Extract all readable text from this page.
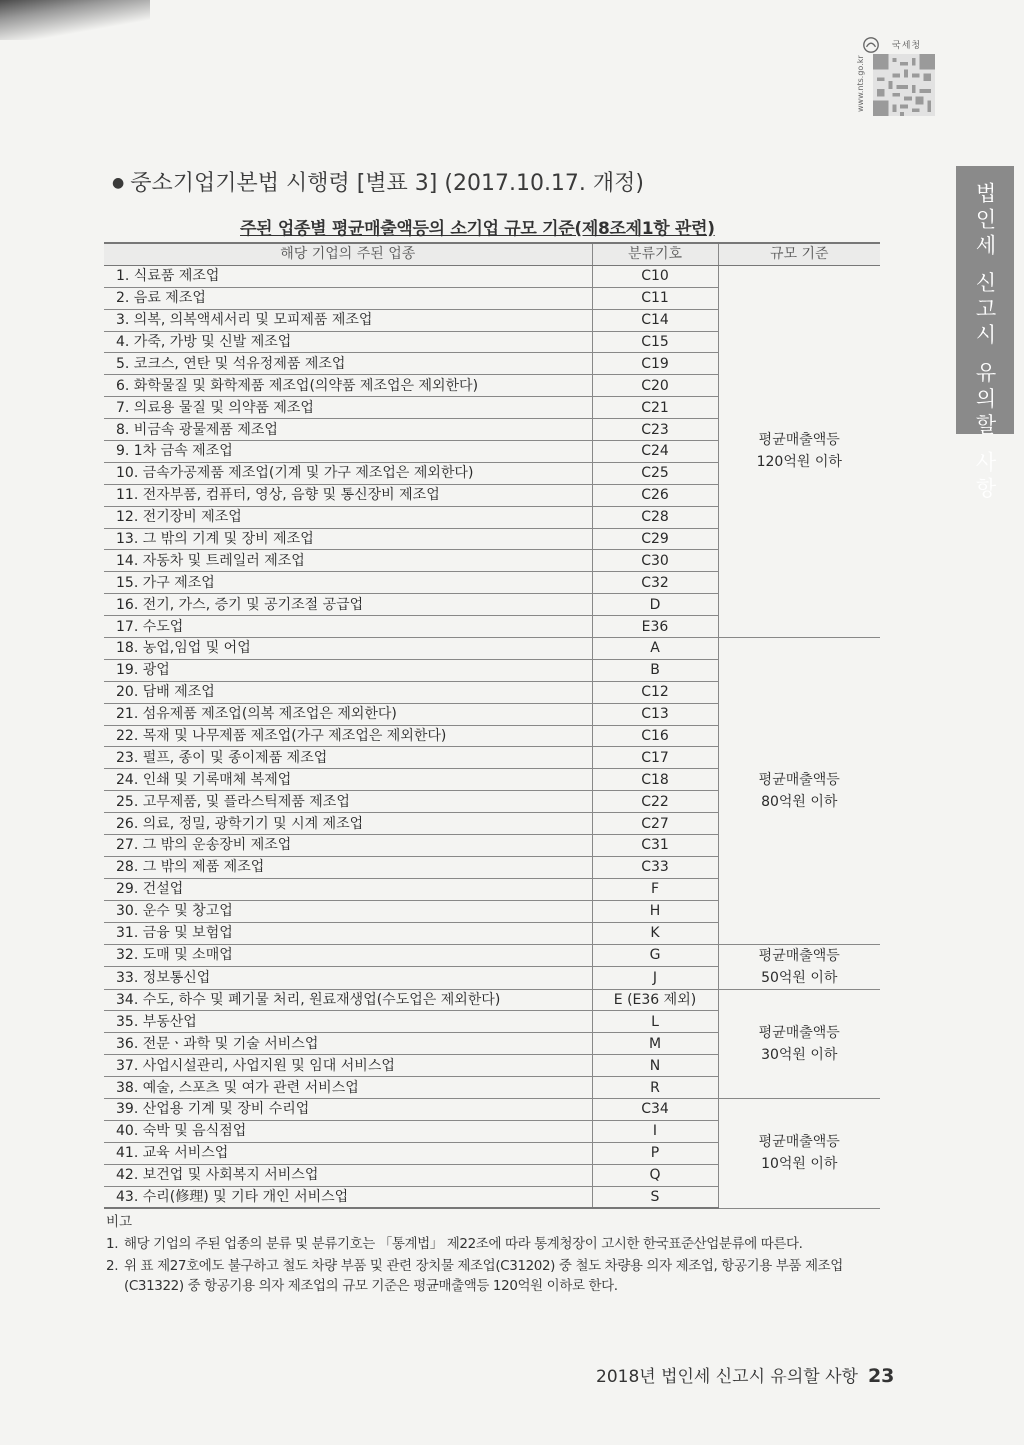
국세청
www.nts.go.kr
법인세 신고시 유의할 사항
● 중소기업기본법 시행령 [별표 3] (2017.10.17. 개정)
주된 업종별 평균매출액등의 소기업 규모 기준(제8조제1항 관련)
해당 기업의 주된 업종	분류기호	규모 기준
1. 식료품 제조업	C10	평균매출액등
120억원 이하

2. 음료 제조업	C11	
3. 의복, 의복액세서리 및 모피제품 제조업	C14	
4. 가죽, 가방 및 신발 제조업	C15	
5. 코크스, 연탄 및 석유정제품 제조업	C19	
6. 화학물질 및 화학제품 제조업(의약품 제조업은 제외한다)	C20	
7. 의료용 물질 및 의약품 제조업	C21	
8. 비금속 광물제품 제조업	C23	
9. 1차 금속 제조업	C24	
10. 금속가공제품 제조업(기계 및 가구 제조업은 제외한다)	C25	
11. 전자부품, 컴퓨터, 영상, 음향 및 통신장비 제조업	C26	
12. 전기장비 제조업	C28	
13. 그 밖의 기계 및 장비 제조업	C29	
14. 자동차 및 트레일러 제조업	C30	
15. 가구 제조업	C32	
16. 전기, 가스, 증기 및 공기조절 공급업	D	
17. 수도업	E36	
18. 농업,임업 및 어업	A	평균매출액등
80억원 이하

19. 광업	B	
20. 담배 제조업	C12	
21. 섬유제품 제조업(의복 제조업은 제외한다)	C13	
22. 목재 및 나무제품 제조업(가구 제조업은 제외한다)	C16	
23. 펄프, 종이 및 종이제품 제조업	C17	
24. 인쇄 및 기록매체 복제업	C18	
25. 고무제품, 및 플라스틱제품 제조업	C22	
26. 의료, 정밀, 광학기기 및 시계 제조업	C27	
27. 그 밖의 운송장비 제조업	C31	
28. 그 밖의 제품 제조업	C33	
29. 건설업	F	
30. 운수 및 창고업	H	
31. 금융 및 보험업	K	
32. 도매 및 소매업	G	평균매출액등
50억원 이하

33. 정보통신업	J	
34. 수도, 하수 및 폐기물 처리, 원료재생업(수도업은 제외한다)	E (E36 제외)	평균매출액등
30억원 이하

35. 부동산업	L	
36. 전문ㆍ과학 및 기술 서비스업	M	
37. 사업시설관리, 사업지원 및 임대 서비스업	N	
38. 예술, 스포츠 및 여가 관련 서비스업	R	
39. 산업용 기계 및 장비 수리업	C34	평균매출액등
10억원 이하

40. 숙박 및 음식점업	I	
41. 교육 서비스업	P	
42. 보건업 및 사회복지 서비스업	Q	
43. 수리(修理) 및 기타 개인 서비스업	S	
비고
1. 해당 기업의 주된 업종의 분류 및 분류기호는 「통계법」 제22조에 따라 통계청장이 고시한 한국표준산업분류에 따른다.
2. 위 표 제27호에도 불구하고 철도 차량 부품 및 관련 장치물 제조업(C31202) 중 철도 차량용 의자 제조업, 항공기용 부품 제조업(C31322) 중 항공기용 의자 제조업의 규모 기준은 평균매출액등 120억원 이하로 한다.
2018년 법인세 신고시 유의할 사항 23
